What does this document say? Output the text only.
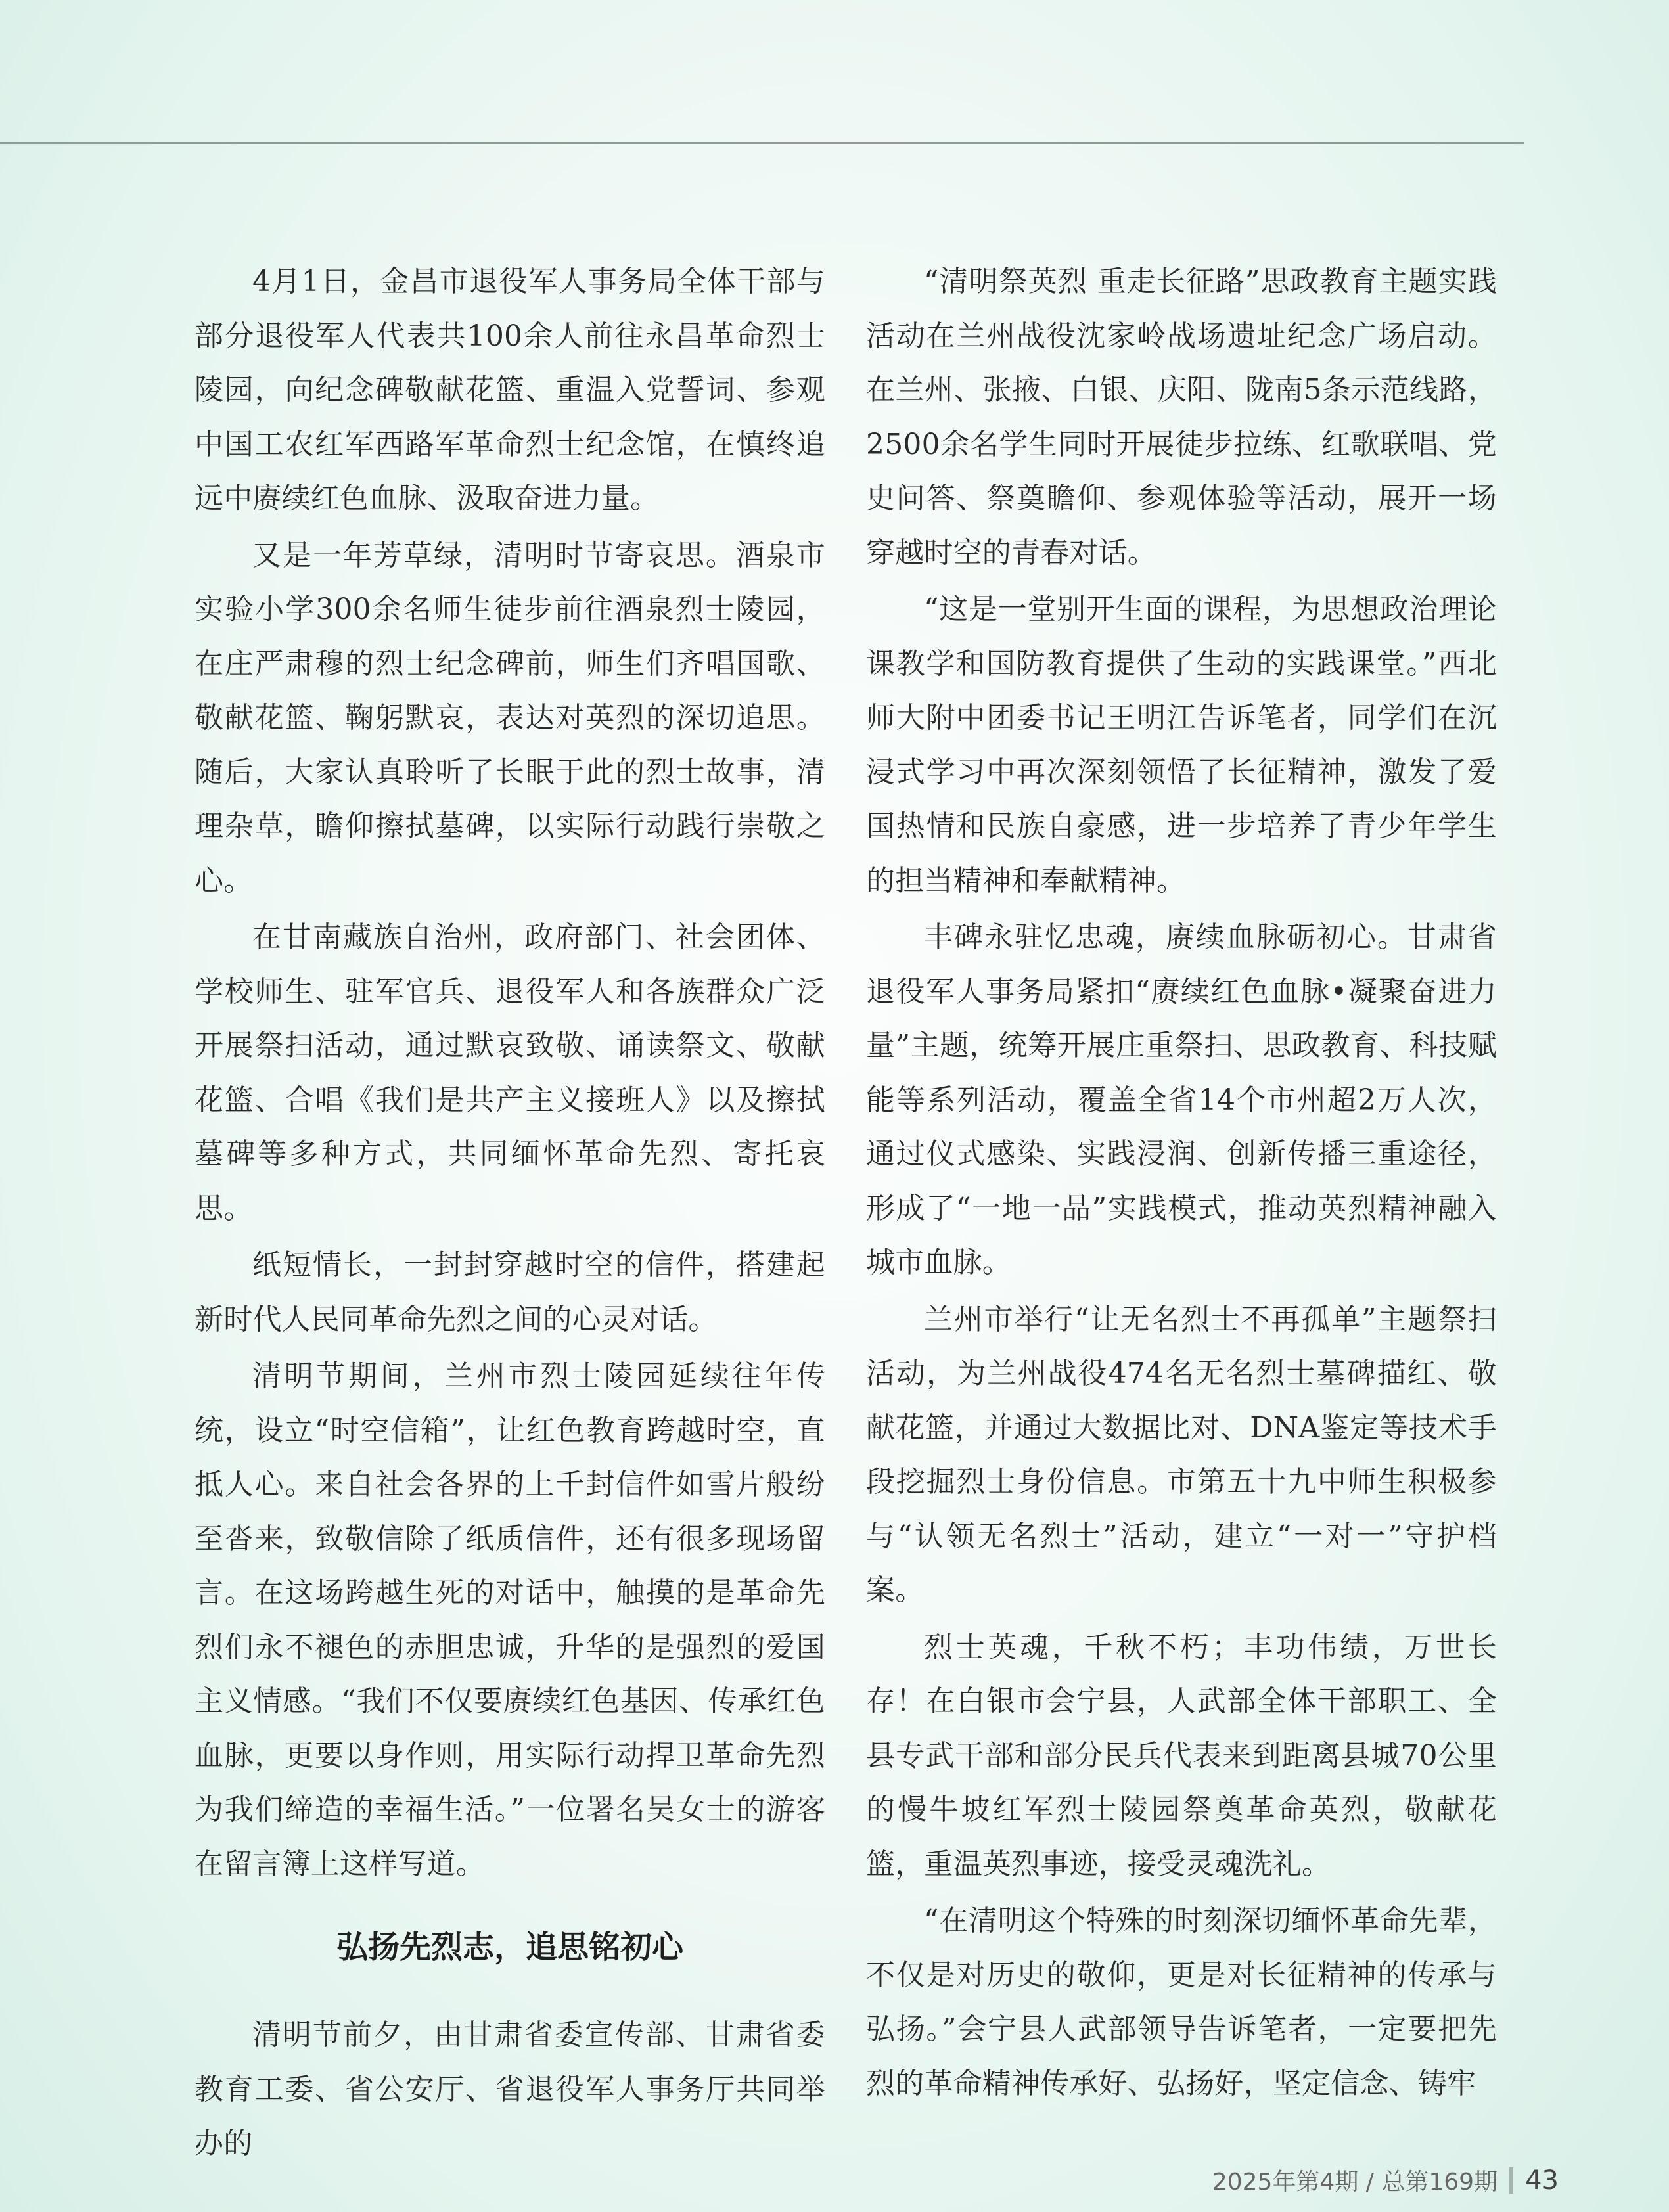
4月1日，金昌市退役军人事务局全体干部与部分退役军人代表共100余人前往永昌革命烈士陵园，向纪念碑敬献花篮、重温入党誓词、参观中国工农红军西路军革命烈士纪念馆，在慎终追远中赓续红色血脉、汲取奋进力量。

又是一年芳草绿，清明时节寄哀思。酒泉市实验小学300余名师生徒步前往酒泉烈士陵园，在庄严肃穆的烈士纪念碑前，师生们齐唱国歌、敬献花篮、鞠躬默哀，表达对英烈的深切追思。随后，大家认真聆听了长眠于此的烈士故事，清理杂草，瞻仰擦拭墓碑，以实际行动践行崇敬之心。

在甘南藏族自治州，政府部门、社会团体、学校师生、驻军官兵、退役军人和各族群众广泛开展祭扫活动，通过默哀致敬、诵读祭文、敬献花篮、合唱《我们是共产主义接班人》以及擦拭墓碑等多种方式，共同缅怀革命先烈、寄托哀思。

纸短情长，一封封穿越时空的信件，搭建起新时代人民同革命先烈之间的心灵对话。

清明节期间，兰州市烈士陵园延续往年传统，设立“时空信箱”，让红色教育跨越时空，直抵人心。来自社会各界的上千封信件如雪片般纷至沓来，致敬信除了纸质信件，还有很多现场留言。在这场跨越生死的对话中，触摸的是革命先烈们永不褪色的赤胆忠诚，升华的是强烈的爱国主义情感。“我们不仅要赓续红色基因、传承红色血脉，更要以身作则，用实际行动捍卫革命先烈为我们缔造的幸福生活。”一位署名吴女士的游客在留言簿上这样写道。

弘扬先烈志，追思铭初心

清明节前夕，由甘肃省委宣传部、甘肃省委教育工委、省公安厅、省退役军人事务厅共同举办的

“清明祭英烈 重走长征路”思政教育主题实践活动在兰州战役沈家岭战场遗址纪念广场启动。在兰州、张掖、白银、庆阳、陇南5条示范线路，2500余名学生同时开展徒步拉练、红歌联唱、党史问答、祭奠瞻仰、参观体验等活动，展开一场穿越时空的青春对话。

“这是一堂别开生面的课程，为思想政治理论课教学和国防教育提供了生动的实践课堂。”西北师大附中团委书记王明江告诉笔者，同学们在沉浸式学习中再次深刻领悟了长征精神，激发了爱国热情和民族自豪感，进一步培养了青少年学生的担当精神和奉献精神。

丰碑永驻忆忠魂，赓续血脉砺初心。甘肃省退役军人事务局紧扣“赓续红色血脉•凝聚奋进力量”主题，统筹开展庄重祭扫、思政教育、科技赋能等系列活动，覆盖全省14个市州超2万人次，通过仪式感染、实践浸润、创新传播三重途径，形成了“一地一品”实践模式，推动英烈精神融入城市血脉。

兰州市举行“让无名烈士不再孤单”主题祭扫活动，为兰州战役474名无名烈士墓碑描红、敬献花篮，并通过大数据比对、DNA鉴定等技术手段挖掘烈士身份信息。市第五十九中师生积极参与“认领无名烈士”活动，建立“一对一”守护档案。

烈士英魂，千秋不朽；丰功伟绩，万世长存！在白银市会宁县，人武部全体干部职工、全县专武干部和部分民兵代表来到距离县城70公里的慢牛坡红军烈士陵园祭奠革命英烈，敬献花篮，重温英烈事迹，接受灵魂洗礼。

“在清明这个特殊的时刻深切缅怀革命先辈，不仅是对历史的敬仰，更是对长征精神的传承与弘扬。”会宁县人武部领导告诉笔者，一定要把先烈的革命精神传承好、弘扬好，坚定信念、铸牢

2025年第4期 / 总第169期 43
